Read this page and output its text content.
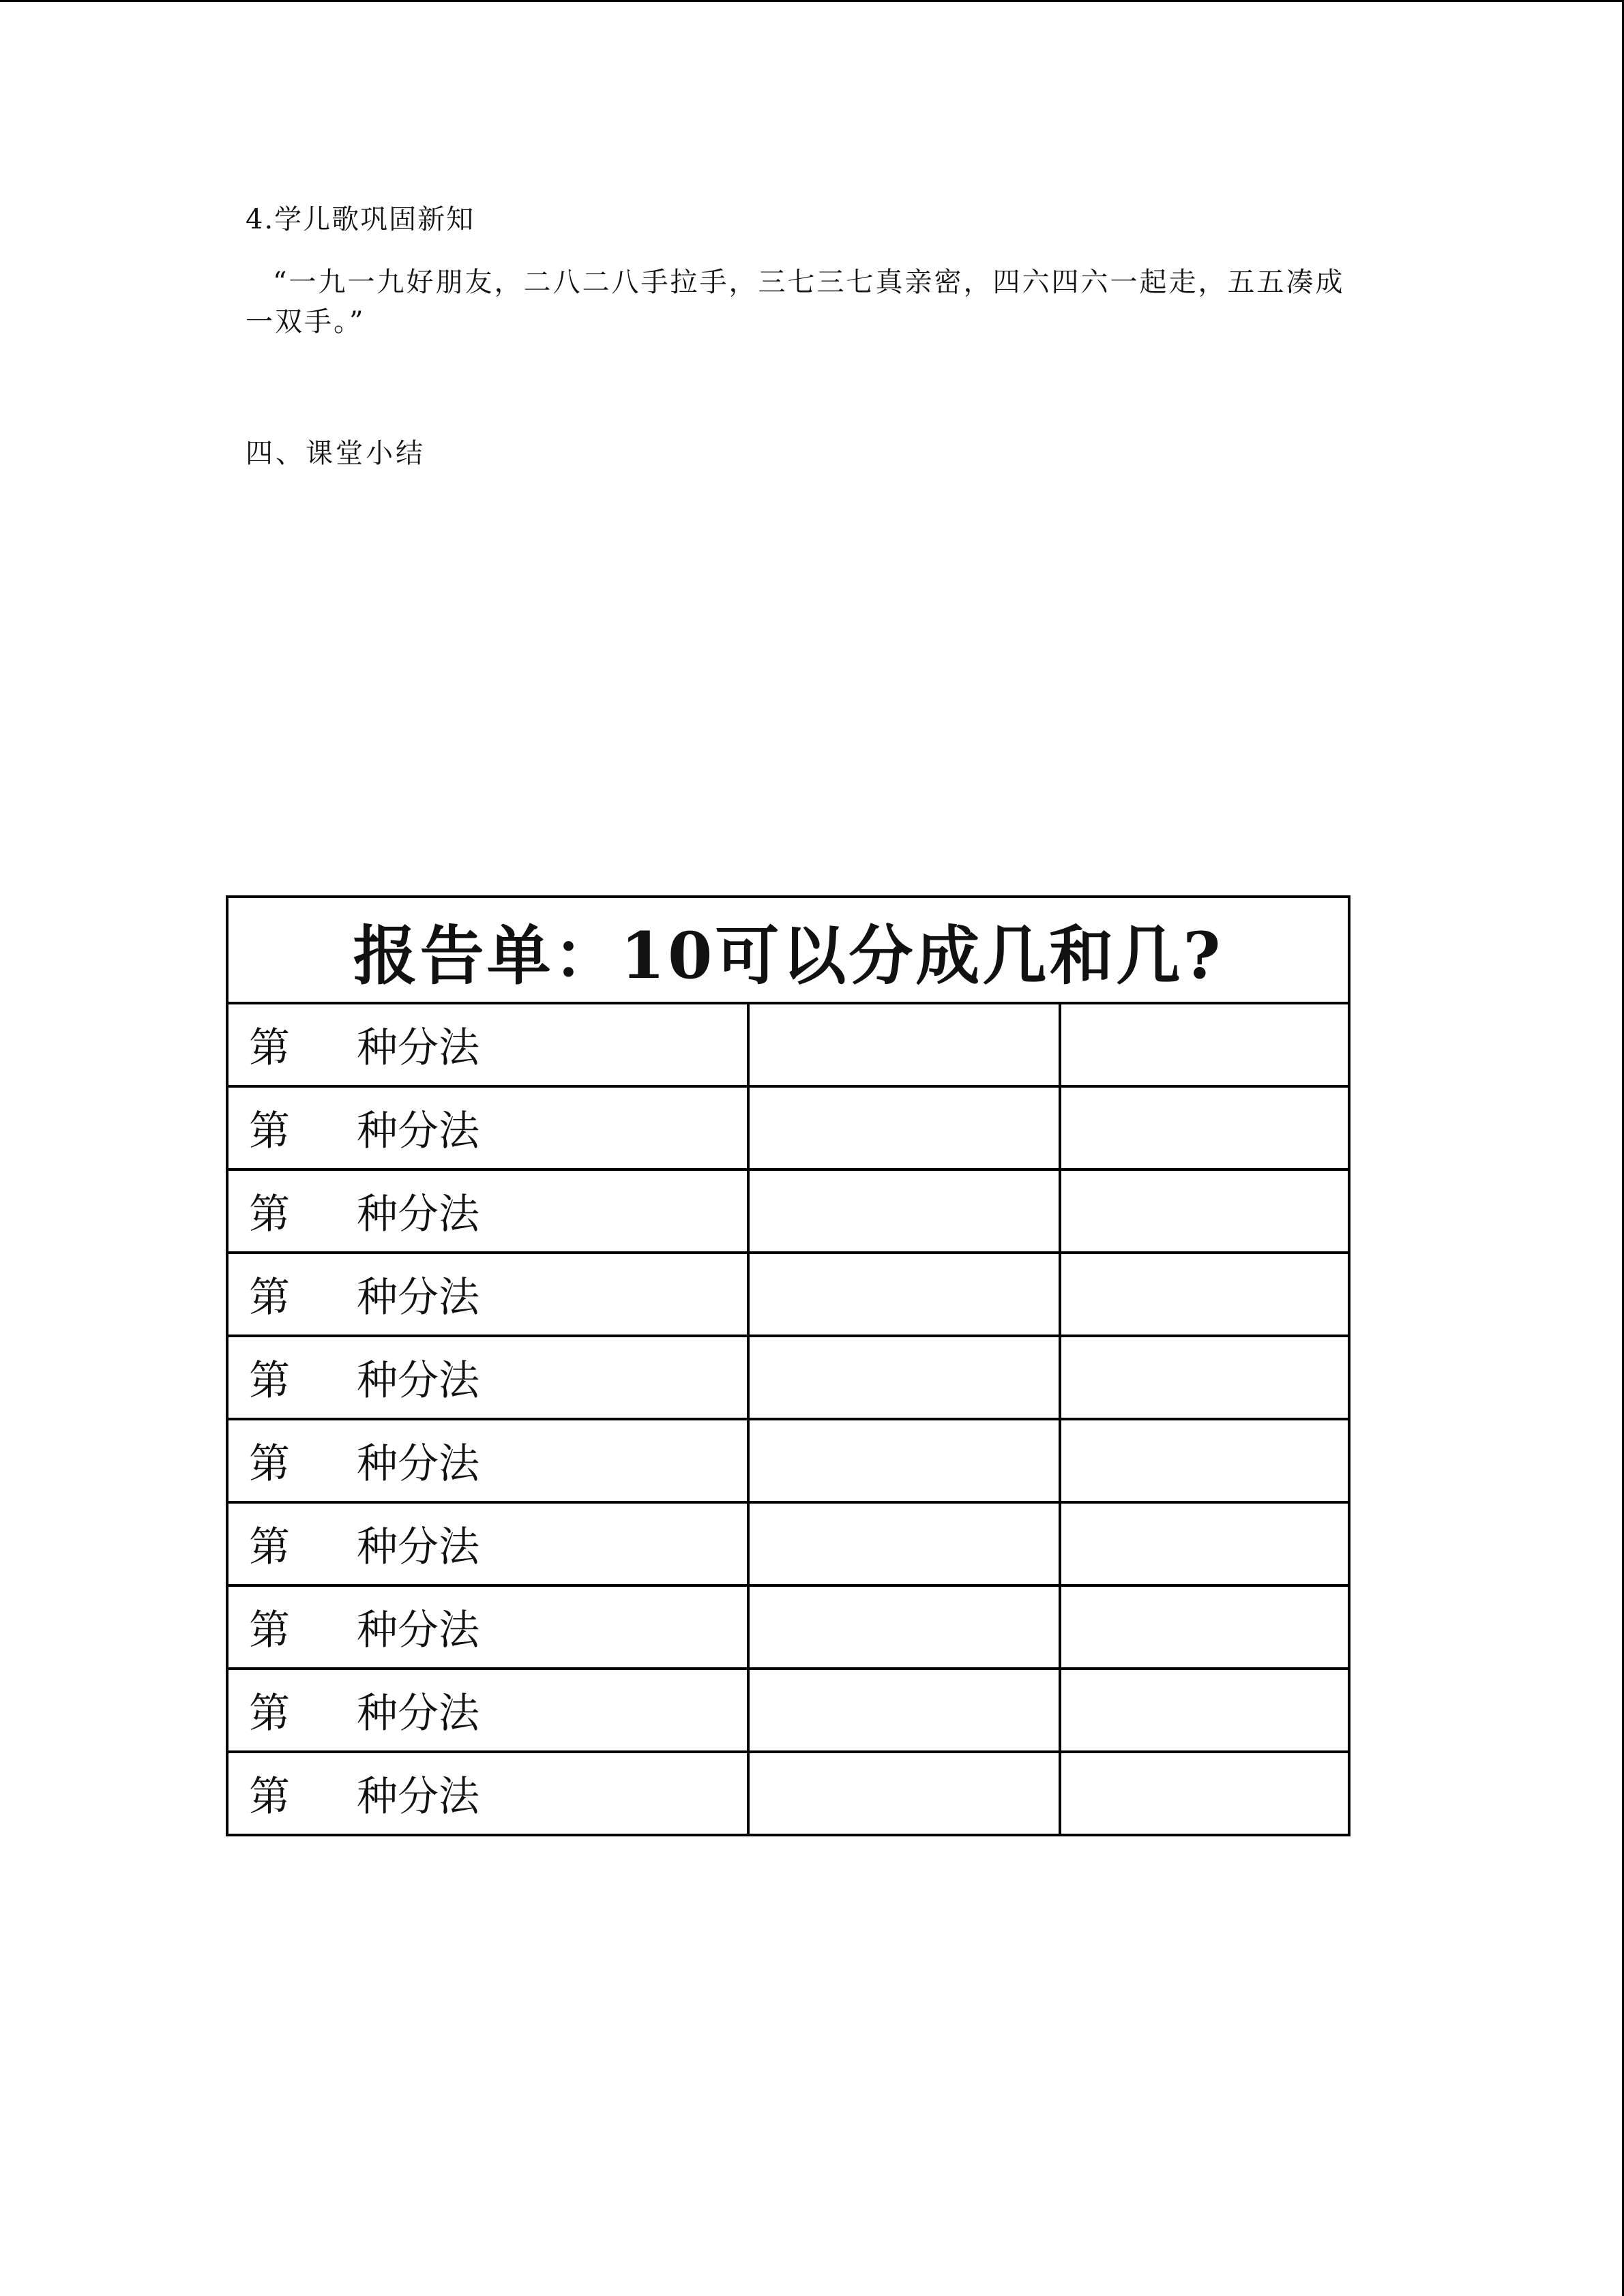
4.学儿歌巩固新知
“一九一九好朋友，二八二八手拉手，三七三七真亲密，四六四六一起走，五五凑成
一双手。”
四、课堂小结
报告单：10可以分成几和几?		
第 种分法		
第 种分法		
第 种分法		
第 种分法		
第 种分法		
第 种分法		
第 种分法		
第 种分法		
第 种分法		
第 种分法		
